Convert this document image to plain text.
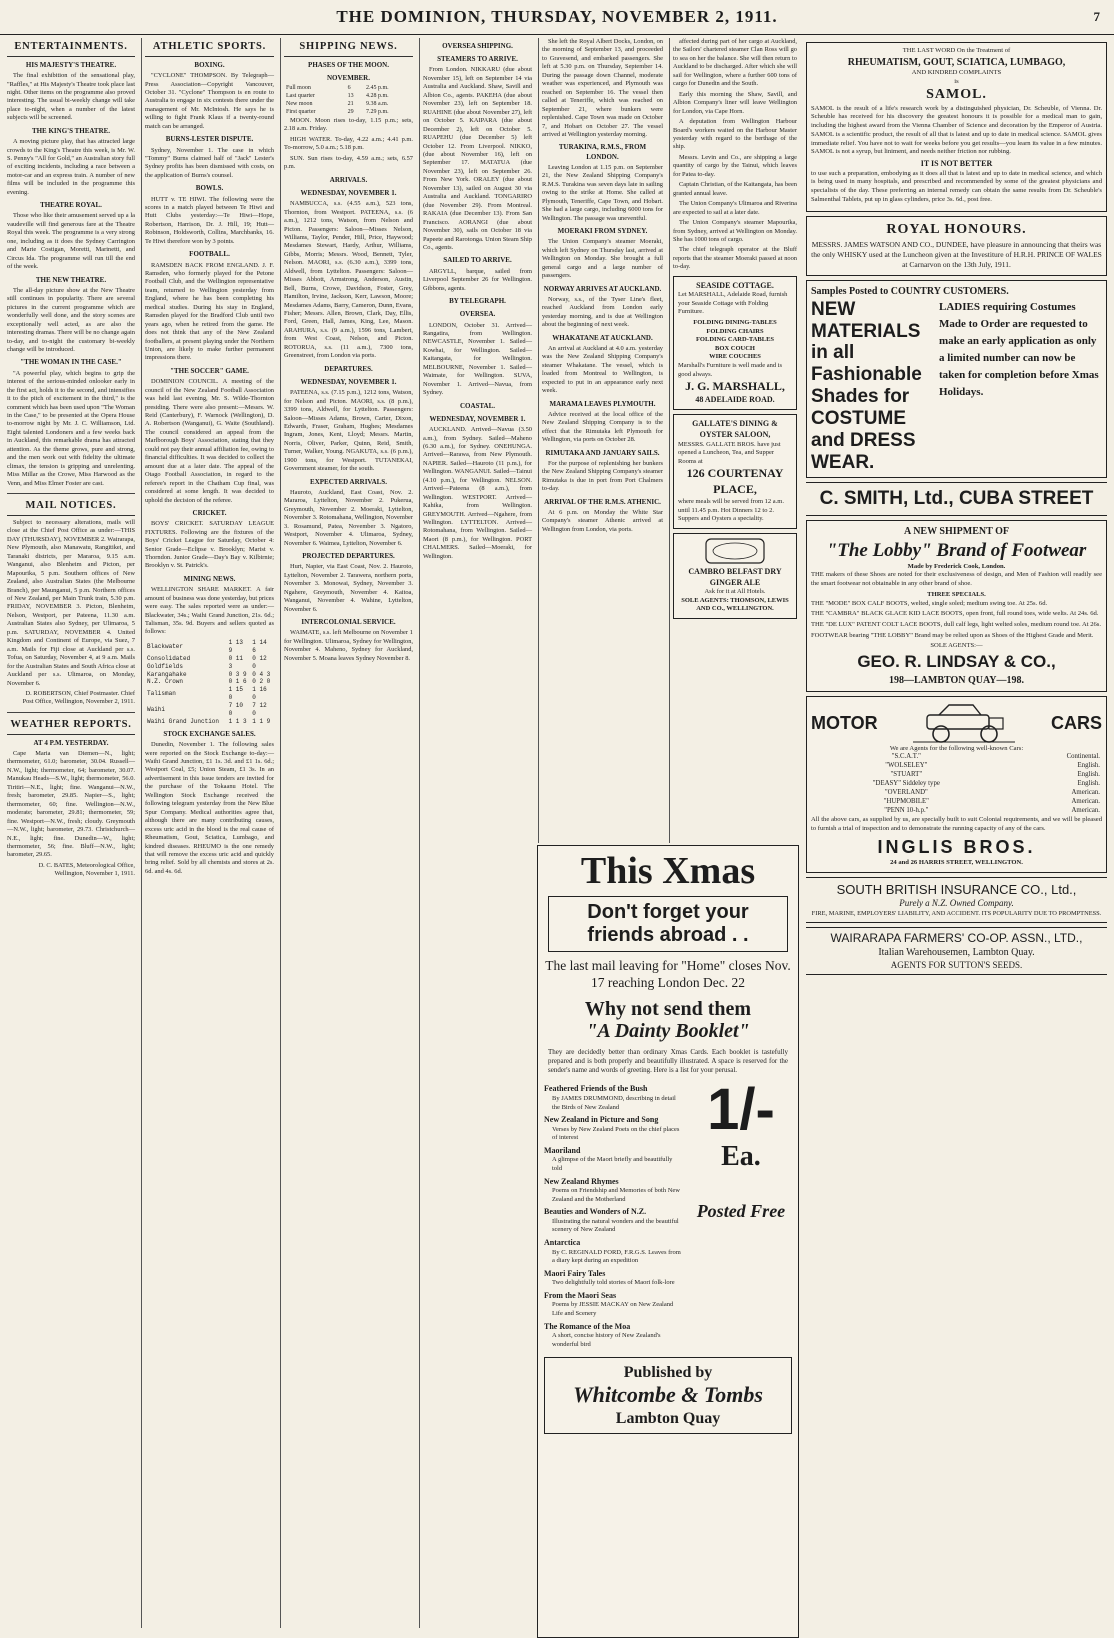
THE DOMINION, THURSDAY, NOVEMBER 2, 1911.	7
ENTERTAINMENTS.
HIS MAJESTY'S THEATRE.

The final exhibition of the sensational play, "Raffles," at His Majesty's Theatre took place last night. Other items on the programme also proved interesting. The usual bi-weekly change will take place to-night, when a number of the latest subjects will be screened.

THE KING'S THEATRE.

A moving picture play, that has attracted large crowds to the King's Theatre this week, is Mr. W. S. Penny's "All for Gold," an Australian story full of exciting incidents, including a race between a motor-car and an express train. A number of new films will be included in the programme this evening.

THEATRE ROYAL.

Those who like their amusement served up a la vaudeville will find generous fare at the Theatre Royal this week. The programme is a very strong one, including as it does the Sydney Carrington and Marie Costigan, Moretti, Marinetti, and Circus Ida. The programme will run till the end of the week.

THE NEW THEATRE.

The all-day picture show at the New Theatre still continues in popularity. There are several pictures in the current programme which are wonderfully well done, and the story scenes are exceptionally well acted, as are also the interesting dramas. There will be no change again to-day, and to-night the customary bi-weekly change will be introduced.

"THE WOMAN IN THE CASE."

"A powerful play, which begins to grip the interest of the serious-minded onlooker early in the first act, holds it to the second, and intensifies it to the pitch of excitement in the third," is the comment which has been used upon "The Woman in the Case," to be presented at the Opera House to-morrow night by Mr. J. C. Williamson, Ltd. Eight talented Londoners and a few weeks back in Auckland, this remarkable drama has attracted attention. As the theme grows, pure and strong, and the men work out with fidelity the ultimate climax, the tension is gripping and unrelenting. Miss Millar as the Crowe, Miss Harwood as the Venn, and Miss Elmer Foster are cast.

MAIL NOTICES.

Subject to necessary alterations, mails will close at the Chief Post Office as under:—THIS DAY (THURSDAY), NOVEMBER 2. Wairarapa, New Plymouth, also Manawatu, Rangitikei, and Taranaki districts, per Mararoa, 9.15 a.m. Wanganui, also Blenheim and Picton, per Mapourika, 5 p.m. Southern offices of New Zealand, also Australian States (the Melbourne Branch), per Maunganui, 5 p.m. Northern offices of New Zealand, per Main Trunk train, 5.30 p.m. FRIDAY, NOVEMBER 3. Picton, Blenheim, Nelson, Westport, per Pateena, 11.30 a.m. Australian States also Sydney, per Ulimaroa, 5 p.m. SATURDAY, NOVEMBER 4. United Kingdom and Continent of Europe, via Suez, 7 a.m. Mails for Fiji close at Auckland per s.s. Tofua, on Saturday, November 4, at 9 a.m. Mails for the Australian States and South Africa close at Auckland per s.s. Ulimaroa, on Monday, November 6.

D. ROBERTSON, Chief Postmaster. Chief Post Office, Wellington, November 2, 1911.

WEATHER REPORTS.
AT 4 P.M. YESTERDAY.

Cape Maria van Diemen—N., light; thermometer, 61.0; barometer, 30.04. Russell—N.W., light; thermometer, 64; barometer, 30.07. Manukau Heads—S.W., light; thermometer, 56.0. Tiritiri—N.E., light; fine. Wanganui—N.W., fresh; barometer, 29.85. Napier—S., light; thermometer, 60; fine. Wellington—N.W., moderate; barometer, 29.81; thermometer, 59; fine. Westport—N.W., fresh; cloudy. Greymouth—N.W., light; barometer, 29.73. Christchurch—N.E., light; fine. Dunedin—W., light; thermometer, 56; fine. Bluff—N.W., light; barometer, 29.65.

D. C. BATES, Meteorological Office, Wellington, November 1, 1911.

ATHLETIC SPORTS.
BOXING.

"CYCLONE" THOMPSON. By Telegraph—Press Association—Copyright Vancouver, October 31. "Cyclone" Thompson is en route to Australia to engage in six contests there under the management of Mr. McIntosh. He says he is willing to fight Frank Klaus if a twenty-round match can be arranged.

BURNS-LESTER DISPUTE.

Sydney, November 1. The case in which "Tommy" Burns claimed half of "Jack" Lester's Sydney profits has been dismissed with costs, on the application of Burns's counsel.

BOWLS.

HUTT v. TE HIWI. The following were the scores in a match played between Te Hiwi and Hutt Clubs yesterday:—Te Hiwi—Hope, Robertson, Harrison, Dr. J. Hill, 19; Hutt—Robinson, Holdsworth, Collins, Marchbanks, 16. Te Hiwi therefore won by 3 points.

FOOTBALL.

RAMSDEN BACK FROM ENGLAND. J. F. Ramsden, who formerly played for the Petone Football Club, and the Wellington representative team, returned to Wellington yesterday from England, where he has been completing his medical studies. During his stay in England, Ramsden played for the Bradford Club until two years ago, when he retired from the game. He does not think that any of the New Zealand footballers, at present playing under the Northern Union, are likely to make further permanent impressions there.

"THE SOCCER" GAME.

DOMINION COUNCIL. A meeting of the council of the New Zealand Football Association was held last evening, Mr. S. Wilde-Thornton presiding. There were also present:—Messrs. W. Reid (Canterbury), F. Warnock (Wellington), D. A. Robertson (Wanganui), G. Waite (Southland). The council considered an appeal from the Marlborough Boys' Association, stating that they could not pay their annual affiliation fee, owing to financial difficulties. It was decided to collect the amount due at a later date. The appeal of the Otago Football Association, in regard to the referee's report in the Chatham Cup final, was considered at some length. It was decided to uphold the decision of the referee.

CRICKET.

BOYS' CRICKET. SATURDAY LEAGUE FIXTURES. Following are the fixtures of the Boys' Cricket League for Saturday, October 4: Senior Grade—Eclipse v. Brooklyn; Marist v. Thorndon. Junior Grade—Day's Bay v. Kilbirnie; Brooklyn v. St. Patrick's.

MINING NEWS.

WELLINGTON SHARE MARKET. A fair amount of business was done yesterday, but prices were easy. The sales reported were as under:—Blackwater, 34s.; Waihi Grand Junction, 21s. 6d.; Talisman, 35s. 9d. Buyers and sellers quoted as follows:

Blackwater	1 13 9	1 14 6
Consolidated Goldfields	0 11 3	0 12 0
Karangahake	0 3 9	0 4 3
N.Z. Crown	0 1 6	0 2 0
Talisman	1 15 0	1 16 0
Waihi	7 10 0	7 12 0
Waihi Grand Junction	1 1 3	1 1 9
STOCK EXCHANGE SALES.

Dunedin, November 1. The following sales were reported on the Stock Exchange to-day:—Waihi Grand Junction, £1 1s. 3d. and £1 1s. 6d.; Westport Coal, £5; Union Steam, £1 3s. In an advertisement in this issue tenders are invited for the purchase of the Tokaanu Hotel. The Wellington Stock Exchange received the following telegram yesterday from the New Blue Spur Company. Medical authorities agree that, although there are many contributing causes, excess uric acid in the blood is the real cause of Rheumatism, Gout, Sciatica, Lumbago, and kindred diseases. RHEUMO is the one remedy that will remove the excess uric acid and quickly bring relief. Sold by all chemists and stores at 2s. 6d. and 4s. 6d.

SHIPPING NEWS.
PHASES OF THE MOON.
NOVEMBER.
Full moon	6	2.45 p.m.
Last quarter	13	4.28 p.m.
New moon	21	9.38 a.m.
First quarter	29	7.29 p.m.

MOON. Moon rises to-day, 1.15 p.m.; sets, 2.18 a.m. Friday.

HIGH WATER. To-day, 4.22 a.m.; 4.41 p.m. To-morrow, 5.0 a.m.; 5.18 p.m.

SUN. Sun rises to-day, 4.59 a.m.; sets, 6.57 p.m.

ARRIVALS.
WEDNESDAY, NOVEMBER 1.

NAMBUCCA, s.s. (4.55 a.m.), 523 tons, Thornton, from Westport. PATEENA, s.s. (6 a.m.), 1212 tons, Watson, from Nelson and Picton. Passengers: Saloon—Misses Nelson, Williams, Taylor, Pender, Hill, Price, Haywood; Mesdames Stewart, Hardy, Arthur, Williams, Gibbs, Morris; Messrs. Wood, Bennett, Tyler, Nelson. MAORI, s.s. (6.30 a.m.), 3399 tons, Aldwell, from Lyttelton. Passengers: Saloon—Misses Abbott, Armstrong, Anderson, Austin, Bell, Burns, Crowe, Davidson, Foster, Grey, Hamilton, Irvine, Jackson, Kerr, Lawson, Moore; Mesdames Adams, Barry, Cameron, Dunn, Evans, Fisher; Messrs. Allen, Brown, Clark, Day, Ellis, Ford, Green, Hall, James, King, Lee, Mason. ARAHURA, s.s. (9 a.m.), 1596 tons, Lambert, from West Coast, Nelson, and Picton. ROTORUA, s.s. (11 a.m.), 7300 tons, Greenstreet, from London via ports.

DEPARTURES.
WEDNESDAY, NOVEMBER 1.

PATEENA, s.s. (7.15 p.m.), 1212 tons, Watson, for Nelson and Picton. MAORI, s.s. (8 p.m.), 3399 tons, Aldwell, for Lyttelton. Passengers: Saloon—Misses Adams, Brown, Carter, Dixon, Edwards, Fraser, Graham, Hughes; Mesdames Ingram, Jones, Kent, Lloyd; Messrs. Martin, Norris, Oliver, Parker, Quinn, Reid, Smith, Turner, Walker, Young. NGAKUTA, s.s. (6 p.m.), 1900 tons, for Westport. TUTANEKAI, Government steamer, for the south.

EXPECTED ARRIVALS.

Hauroto, Auckland, East Coast, Nov. 2. Mararoa, Lyttelton, November 2. Pukerua, Greymouth, November 2. Moeraki, Lyttelton, November 3. Rotomahana, Wellington, November 3. Rosamund, Patea, November 3. Ngatoro, Westport, November 4. Ulimaroa, Sydney, November 6. Waimea, Lyttelton, November 6.

PROJECTED DEPARTURES.

Hurt, Napier, via East Coast, Nov. 2. Hauroto, Lyttelton, November 2. Tarawera, northern ports, November 3. Monowai, Sydney, November 3. Ngahere, Greymouth, November 4. Kaitoa, Wanganui, November 4. Wahine, Lyttelton, November 6.

INTERCOLONIAL SERVICE.

WAIMATE, s.s. left Melbourne on November 1 for Wellington. Ulimaroa, Sydney for Wellington, November 4. Maheno, Sydney for Auckland, November 5. Moana leaves Sydney November 8.

OVERSEA SHIPPING.
STEAMERS TO ARRIVE.

From London. NIKKARU (due about November 15), left on September 14 via Australia and Auckland. Shaw, Savill and Albion Co., agents. PAKEHA (due about November 23), left on September 18. RUAHINE (due about November 27), left on October 5. KAIPARA (due about December 2), left on October 5. RUAPEHU (due December 5) left October 12. From Liverpool. NIKKO, (due about November 16), left on September 17. MATATUA (due November 23), left on September 26. From New York. ORALEY (due about November 13), sailed on August 30 via Australia and Auckland. TONGARIRO (due November 29). From Montreal. RAKAIA (due December 13). From San Francisco. AORANGI (due about November 30), sails on October 18 via Papeete and Rarotonga. Union Steam Ship Co., agents.

SAILED TO ARRIVE.

ARGYLL, barque, sailed from Liverpool September 26 for Wellington. Gibbons, agents.

BY TELEGRAPH.
OVERSEA.

LONDON, October 31. Arrived—Rangatira, from Wellington. NEWCASTLE, November 1. Sailed—Kowhai, for Wellington. Sailed—Kaitangata, for Wellington. MELBOURNE, November 1. Sailed—Waimate, for Wellington. SUVA, November 1. Arrived—Navua, from Sydney.

COASTAL.
WEDNESDAY, NOVEMBER 1.

AUCKLAND. Arrived—Navua (3.50 a.m.), from Sydney. Sailed—Maheno (6.30 a.m.), for Sydney. ONEHUNGA. Arrived—Rarawa, from New Plymouth. NAPIER. Sailed—Hauroto (11 p.m.), for Wellington. WANGANUI. Sailed—Tainui (4.10 p.m.), for Wellington. NELSON. Arrived—Pateena (8 a.m.), from Wellington. WESTPORT. Arrived—Kahika, from Wellington. GREYMOUTH. Arrived—Ngahere, from Wellington. LYTTELTON. Arrived—Rotomahana, from Wellington. Sailed—Maori (8 p.m.), for Wellington. PORT CHALMERS. Sailed—Moeraki, for Wellington.

She left the Royal Albert Docks, London, on the morning of September 13, and proceeded to Gravesend, and embarked passengers. She left at 5.30 p.m. on Thursday, September 14. During the passage down Channel, moderate weather was experienced, and Plymouth was reached on September 16. The vessel then called at Teneriffe, which was reached on September 21, where bunkers were replenished. Cape Town was made on October 7, and Hobart on October 27. The vessel arrived at Wellington yesterday morning.

TURAKINA, R.M.S., FROM LONDON.

Leaving London at 1.15 p.m. on September 21, the New Zealand Shipping Company's R.M.S. Turakina was seven days late in sailing owing to the strike at Home. She called at Plymouth, Teneriffe, Cape Town, and Hobart. She had a large cargo, including 6000 tons for Wellington. The passage was uneventful.

MOERAKI FROM SYDNEY.

The Union Company's steamer Moeraki, which left Sydney on Thursday last, arrived at Wellington on Monday. She brought a full general cargo and a large number of passengers.

NORWAY ARRIVES AT AUCKLAND.

Norway, s.s., of the Tyser Line's fleet, reached Auckland from London early yesterday morning, and is due at Wellington about the beginning of next week.

WHAKATANE AT AUCKLAND.

An arrival at Auckland at 4.0 a.m. yesterday was the New Zealand Shipping Company's steamer Whakatane. The vessel, which is loaded from Montreal to Wellington, is expected to put in an appearance early next week.

MARAMA LEAVES PLYMOUTH.

Advice received at the local office of the New Zealand Shipping Company is to the effect that the Rimutaka left Plymouth for Wellington, via ports on October 28.

RIMUTAKA AND JANUARY SAILS.

For the purpose of replenishing her bunkers the New Zealand Shipping Company's steamer Rimutaka is due in port from Port Chalmers to-day.

ARRIVAL OF THE R.M.S. ATHENIC.

At 6 p.m. on Monday the White Star Company's steamer Athenic arrived at Wellington from London, via ports.

affected during part of her cargo at Auckland, the Sailors' chartered steamer Clan Ross will go to sea on her the balance. She will then return to Auckland to be discharged. After which she will sail for Wellington, where a further 600 tons of cargo for Dunedin and the South.

Early this morning the Shaw, Savill, and Albion Company's liner will leave Wellington for London, via Cape Horn.

A deputation from Wellington Harbour Board's workers waited on the Harbour Master yesterday with regard to the berthage of the ship.

Messrs. Levin and Co., are shipping a large quantity of cargo by the Tainui, which leaves for Patea to-day.

Captain Christian, of the Kaitangata, has been granted annual leave.

The Union Company's Ulimaroa and Riverina are expected to sail at a later date.

The Union Company's steamer Mapourika, from Sydney, arrived at Wellington on Monday. She has 1000 tons of cargo.

The chief telegraph operator at the Bluff reports that the steamer Moeraki passed at noon to-day.

SEASIDE COTTAGE.
Let MARSHALL, Adelaide Road, furnish your Seaside Cottage with Folding Furniture.
FOLDING DINING-TABLES
FOLDING CHAIRS
FOLDING CARD-TABLES
BOX COUCH
WIRE COUCHES
Marshall's Furniture is well made and is good always.
J. G. MARSHALL,
48 ADELAIDE ROAD.
GALLATE'S DINING & OYSTER SALOON,
MESSRS. GALLATE BROS. have just opened a Luncheon, Tea, and Supper Rooms at
126 COURTENAY PLACE,
where meals will be served from 12 a.m. until 11.45 p.m. Hot Dinners 12 to 2. Suppers and Oysters a speciality.
CAMBRO BELFAST DRY GINGER ALE
Ask for it at All Hotels.
SOLE AGENTS: THOMSON, LEWIS AND CO., WELLINGTON.
This Xmas
Don't forget your friends abroad . .
The last mail leaving for "Home" closes Nov. 17 reaching London Dec. 22
Why not send them
"A Dainty Booklet"
They are decidedly better than ordinary Xmas Cards. Each booklet is tastefully prepared and is both properly and beautifully illustrated. A space is reserved for the sender's name and words of greeting. Here is a list for your perusal.
Feathered Friends of the Bush
By JAMES DRUMMOND, describing in detail the Birds of New Zealand
New Zealand in Picture and Song
Verses by New Zealand Poets on the chief places of interest
Maoriland
A glimpse of the Maori briefly and beautifully told
New Zealand Rhymes
Poems on Friendship and Memories of both New Zealand and the Motherland
Beauties and Wonders of N.Z.
Illustrating the natural wonders and the beautiful scenery of New Zealand
Antarctica
By C. REGINALD FORD, F.R.G.S. Leaves from a diary kept during an expedition
Maori Fairy Tales
Two delightfully told stories of Maori folk-lore
From the Maori Seas
Poems by JESSIE MACKAY on New Zealand Life and Scenery
The Romance of the Moa
A short, concise history of New Zealand's wonderful bird
1/-
Ea.
Posted Free
Published by
Whitcombe & Tombs
Lambton Quay
THE LAST WORD On the Treatment of
RHEUMATISM, GOUT, SCIATICA, LUMBAGO,
AND KINDRED COMPLAINTS
is
SAMOL.

SAMOL is the result of a life's research work by a distinguished physician, Dr. Scheuble, of Vienna. Dr. Scheuble has received for his discovery the greatest honours it is possible for a medical man to gain, including the highest award from the Vienna Chamber of Science and decoration by the Emperor of Austria. SAMOL is a scientific product, the result of all that is latest and up to date in medical science. SAMOL gives immediate relief. You have not to wait for weeks before you get results—you learn its value in a few minutes. SAMOL is not a syrup, but liniment, and needs neither friction nor rubbing.

IT IS NOT BETTER

to use such a preparation, embodying as it does all that is latest and up to date in medical science, and which is being used in many hospitals, and prescribed and recommended by some of the greatest physicians and specialists of the day. These preferring an internal remedy can obtain the same results from Dr. Scheuble's Salmenthal Tablets, put up in glass cylinders, price 3s. 6d., post free.

ROYAL HONOURS.

MESSRS. JAMES WATSON AND CO., DUNDEE, have pleasure in announcing that theirs was the only WHISKY used at the Luncheon given at the Investiture of H.R.H. PRINCE OF WALES at Carnarvon on the 13th July, 1911.

Samples Posted to COUNTRY CUSTOMERS.
NEW
MATERIALS
in all
Fashionable
Shades for
COSTUME
and DRESS
WEAR.
LADIES requiring Costumes Made to Order are requested to make an early application as only a limited number can now be taken for completion before Xmas Holidays.
C. SMITH, Ltd., CUBA STREET
A NEW SHIPMENT OF
"The Lobby" Brand of Footwear
Made by Frederick Cook, London.

THE makers of these Shoes are noted for their exclusiveness of design, and Men of Fashion will readily see the smart footwear not obtainable in any other brand of shoe.

THREE SPECIALS.

THE "MODE" BOX CALF BOOTS, welted, single soled; medium swing toe. At 25s. 6d.

THE "CAMBRA" BLACK GLACE KID LACE BOOTS, open front, full round toes, wide welts. At 24s. 6d.

THE "DE LUX" PATENT COLT LACE BOOTS, dull calf legs, light welted soles, medium round toe. At 26s.

FOOTWEAR bearing "THE LOBBY" Brand may be relied upon as Shoes of the Highest Grade and Merit.

SOLE AGENTS:—
GEO. R. LINDSAY & CO.,
198—LAMBTON QUAY—198.
MOTOR	CARS
We are Agents for the following well-known Cars:
"S.C.A.T."	Continental.
"WOLSELEY"	English.
"STUART"	English.
"DEASY" Siddeley type	English.
"OVERLAND"	American.
"HUPMOBILE"	American.
"PENN 10-h.p."	American.

All the above cars, as supplied by us, are specially built to suit Colonial requirements, and we will be pleased to furnish a trial of inspection and to demonstrate the running capacity of any of the cars.

INGLIS BROS.
24 and 26 HARRIS STREET, WELLINGTON.
SOUTH BRITISH INSURANCE CO., Ltd.,
Purely a N.Z. Owned Company.
FIRE, MARINE, EMPLOYERS' LIABILITY, AND ACCIDENT. ITS POPULARITY DUE TO PROMPTNESS.
WAIRARAPA FARMERS' CO-OP. ASSN., LTD.,
Italian Warehousemen, Lambton Quay.
AGENTS FOR SUTTON'S SEEDS.
